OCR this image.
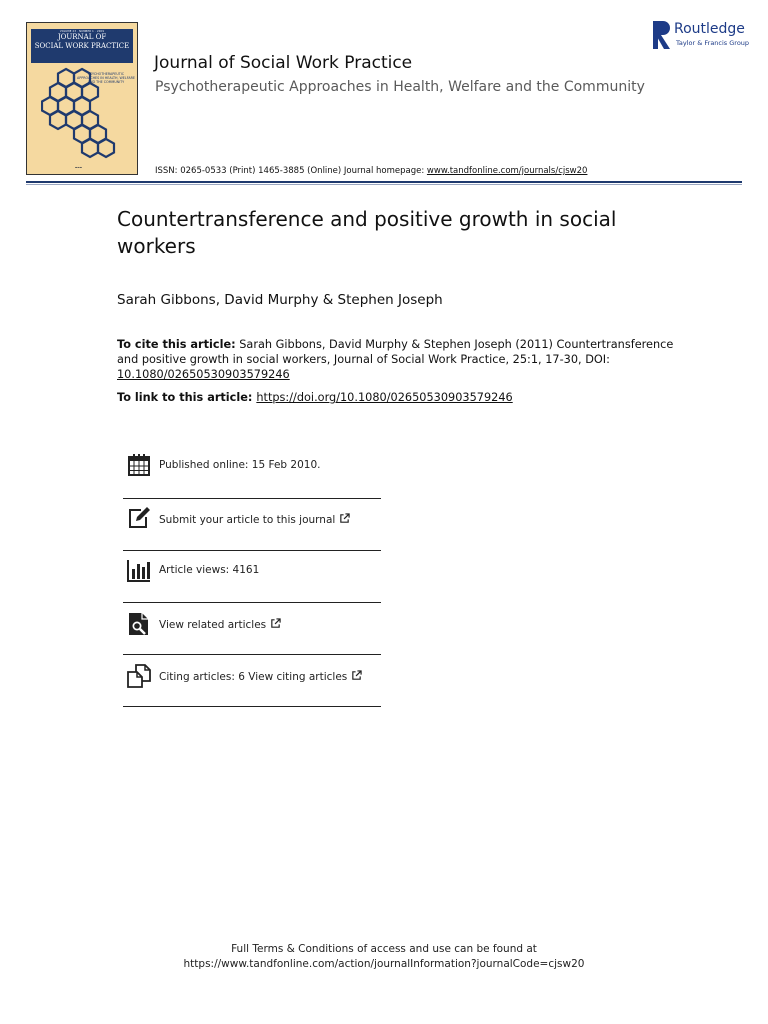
VOLUME 23 · NUMBER 1 · 2009
JOURNAL OF
SOCIAL WORK PRACTICE
PSYCHOTHERAPEUTIC APPROACHES IN HEALTH, WELFARE AND THE COMMUNITY
▬▬▬
Journal of Social Work Practice
Psychotherapeutic Approaches in Health, Welfare and the Community
Routledge
Taylor & Francis Group
ISSN: 0265-0533 (Print) 1465-3885 (Online) Journal homepage: www.tandfonline.com/journals/cjsw20
Countertransference and positive growth in social workers
Sarah Gibbons, David Murphy & Stephen Joseph
To cite this article: Sarah Gibbons, David Murphy & Stephen Joseph (2011) Countertransference and positive growth in social workers, Journal of Social Work Practice, 25:1, 17-30, DOI: 10.1080/02650530903579246
To link to this article: https://doi.org/10.1080/02650530903579246
Published online: 15 Feb 2010.
Submit your article to this journal
Article views: 4161
View related articles
Citing articles: 6 View citing articles
Full Terms & Conditions of access and use can be found at
https://www.tandfonline.com/action/journalInformation?journalCode=cjsw20
